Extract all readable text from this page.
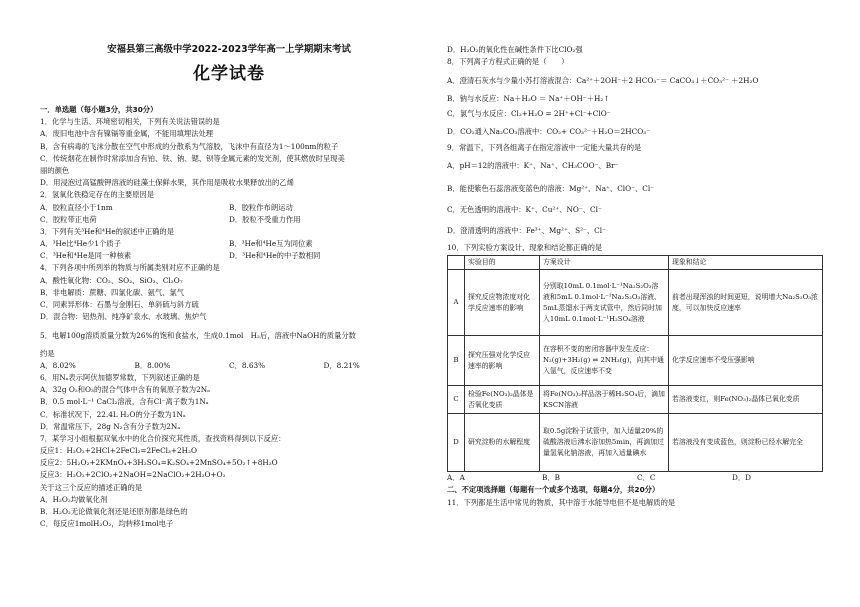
安福县第三高级中学2022-2023学年高一上学期期末考试
化学试卷
一．单选题（每小题3分，共30分）
1．化学与生活、环境密切相关，下列有关说法错误的是
A．废旧电池中含有镍镉等重金属，不能用填埋法处理
B．含有病毒的飞沫分散在空气中形成的分散系为气溶胶，飞沫中有直径为1～100nm的粒子
C．传统烟花在制作时常添加含有铂、铁、钠、锶、钡等金属元素的发光剂，使其燃放时呈现美
丽的颜色
D．用浸泡过高锰酸钾溶液的硅藻土保鲜水果，其作用是吸收水果释放出的乙烯
2．氢氧化铁稳定存在的主要原因是
A．胶粒直径小于1nm	B．胶粒作布朗运动
C．胶粒带正电荷	D．胶粒不受重力作用
3．下列有关³He和⁴He的叙述中正确的是
A．³He比⁴He少1个质子	B．³He和⁴He互为同位素
C．³He和⁴He是同一种核素	D．³He和⁴He的中子数相同
4．下列各项中所列举的物质与所属类别对应不正确的是
A．酸性氧化物：CO₂、SO₂、SiO₂、Cl₂O₇
B．非电解质：蔗糖、四氯化碳、氨气、氯气
C．同素异形体：石墨与金刚石、单斜硫与斜方硫
D．混合物：铝热剂、纯净矿泉水、水玻璃、焦炉气
5．电解100g溶质质量分数为26%的饱和食盐水，生成0.1mol　H₂后，溶液中NaOH的质量分数
约是
A．8.02%	B．8.00%	C．8.63%	D．8.21%
6．用Nₐ表示阿伏加德罗常数，下列叙述正确的是
A．32g O₂和O₃的混合气体中含有的氧原子数为2Nₐ
B．0.5 mol·L⁻¹ CaCl₂溶液，含有Cl⁻离子数为1Nₐ
C．标准状况下，22.4L H₂O的分子数为1Nₐ
D．常温常压下，28g N₂含有分子数为2Nₐ
7．某学习小组根据双氧水中的化合价探究其性质，查找资料得到以下反应：
反应1：H₂O₂+2HCl+2FeCl₂=2FeCl₃+2H₂O
反应2：5H₂O₂+2KMnO₄+3H₂SO₄=K₂SO₄+2MnSO₄+5O₂↑+8H₂O
反应3：H₂O₂+2ClO₂+2NaOH=2NaClO₂+2H₂O+O₂
关于这三个反应的描述正确的是
A．H₂O₂均做氧化剂
B．H₂O₂无论做氧化剂还是还原剂都是绿色的
C．每反应1molH₂O₂，均转移1mol电子
D．H₂O₂的氧化性在碱性条件下比ClO₂强
8．下列离子方程式正确的是（　　）
A．澄清石灰水与少量小苏打溶液混合：Ca²⁺＋2OH⁻＋2 HCO₃⁻＝ CaCO₃↓＋CO₃²⁻ ＋2H₂O
B．钠与水反应：Na＋H₂O ＝ Na⁺＋OH⁻＋H₂↑
C．氯气与水反应：Cl₂+H₂O = 2H⁺+Cl⁻+ClO⁻
D．CO₂通入Na₂CO₃溶液中：CO₂+ CO₃²⁻＋H₂O＝2HCO₃⁻
9．常温下，下列各组离子在指定溶液中一定能大量共存的是
A．pH＝12的溶液中：K⁺、Na⁺、CH₃COO⁻、Br⁻
B．能使紫色石蕊溶液变蓝色的溶液：Mg²⁺、Na⁺、ClO⁻、Cl⁻
C．无色透明的溶液中：K⁺、Cu²⁺、NO⁻、Cl⁻
D．澄清透明的溶液中：Fe³⁺、Mg²⁺、S²⁻、Cl⁻
10．下列实验方案设计、现象和结论都正确的是
	实验目的	方案设计	现象和结论
A	探究反应物浓度对化学反应速率的影响	分别取10mL 0.1mol·L⁻¹Na₂S₂O₃溶液和5mL 0.1mol·L⁻¹Na₂S₂O₃溶液、5mL蒸馏水于两支试管中，然后同时加入10mL 0.1mol·L⁻¹H₂SO₄溶液	前者出现浑浊的时间更短，说明增大Na₂S₂O₃浓度，可以加快反应速率
B	探究压强对化学反应速率的影响	在容积不变的密闭容器中发生反应：N₂(g)+3H₂(g) ⇌ 2NH₃(g)，向其中通入氩气，反应速率不变	化学反应速率不受压强影响
C	检验Fe(NO₃)₂晶体是否氧化变质	将Fe(NO₃)₂样品溶于稀H₂SO₄后，滴加KSCN溶液	若溶液变红，则Fe(NO₃)₂晶体已氧化变质
D	研究淀粉的水解程度	取0.5g淀粉于试管中，加入适量20%的硫酸溶液后沸水浴加热5min，再滴加过量氢氧化钠溶液，再加入适量碘水	若溶液没有变成蓝色，则淀粉已经水解完全
A．A	B．B	C．C	D．D
二、不定项选择题（每题有一个或多个选项，每题4分，共20分）
11．下列都是生活中常见的物质，其中溶于水能导电但不是电解质的是
